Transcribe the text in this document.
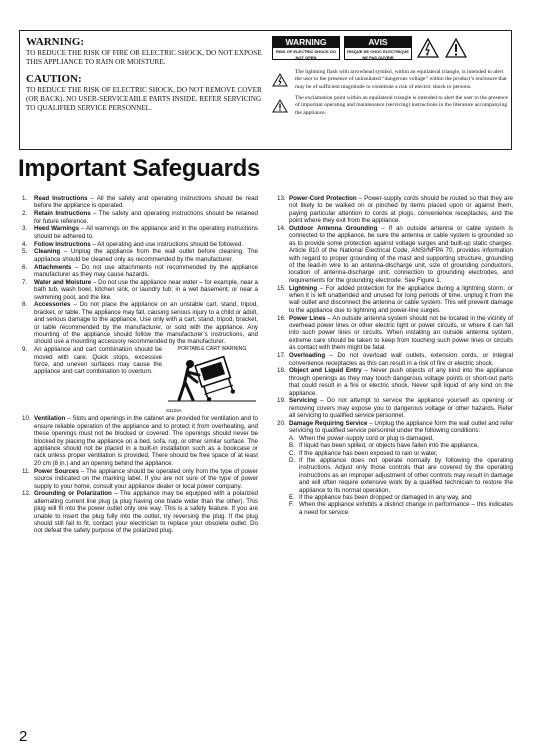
WARNING:

TO REDUCE THE RISK OF FIRE OR ELECTRIC SHOCK, DO NOT EXPOSE THIS APPLIANCE TO RAIN OR MOISTURE.

CAUTION:

TO REDUCE THE RISK OF ELECTRIC SHOCK, DO NOT REMOVE COVER (OR BACK). NO USER-SERVICEABLE PARTS INSIDE. REFER SERVICING TO QUALIFIED SERVICE PERSONNEL.

WARNING
RISK OF ELECTRIC SHOCK DO NOT OPEN
AVIS
RISQUE DE CHOC ELECTRIQUE NE PAS OUVRIR

The lightning flash with arrowhead symbol, within an equilateral triangle, is intended to alert the user to the presence of uninsulated “dangerous voltage” within the product’s enclosure that may be of sufficient magnitude to constitute a risk of electric shock to persons.

The exclamation point within an equilateral triangle is intended to alert the user to the presence of important operating and maintenance (servicing) instructions in the literature accompanying the appliance.

Important Safeguards
1.	Read Instructions – All the safety and operating instructions should be read before the appliance is operated.
2.	Retain Instructions – The safety and operating instructions should be retained for future reference.
3.	Heed Warnings – All warnings on the appliance and in the operating instructions should be adhered to.
4.	Follow Instructions – All operating and use instructions should be followed.
5.	Cleaning – Unplug the appliance from the wall outlet before cleaning. The appliance should be cleaned only as recommended by the manufacturer.
6.	Attachments – Do not use attachments not recommended by the appliance manufacturer as they may cause hazards.
7.	Water and Moisture – Do not use the appliance near water – for example, near a bath tub, wash bowl, kitchen sink, or laundry tub; in a wet basement; or near a swimming pool, and the like.
8.	Accessories – Do not place the appliance on an unstable cart, stand, tripod, bracket, or table. The appliance may fall, causing serious injury to a child or adult, and serious damage to the appliance. Use only with a cart, stand, tripod, bracket, or table recommended by the manufacturer, or sold with the appliance. Any mounting of the appliance should follow the manufacturer’s instructions, and should use a mounting accessory recommended by the manufacturer.
9.	PORTABLE CART WARNING
S3125A
An appliance and cart combination should be moved with care. Quick stops, excessive force, and uneven surfaces may cause the appliance and cart combination to overturn.
10. Ventilation – Slots and openings in the cabinet are provided for ventilation and to ensure reliable operation of the appliance and to protect it from overheating, and these openings must not be blocked or covered. The openings should never be blocked by placing the appliance on a bed, sofa, rug, or other similar surface. The appliance should not be placed in a built-in installation such as a bookcase or rack unless proper ventilation is provided. There should be free space of at least 20 cm (8 in.) and an opening behind the appliance.
11. Power Sources – The appliance should be operated only from the type of power source indicated on the marking label. If you are not sure of the type of power supply to your home, consult your appliance dealer or local power company.
12. Grounding or Polarization – The appliance may be equipped with a polarized alternating current line plug (a plug having one blade wider than the other). This plug will fit into the power outlet only one way. This is a safety feature. If you are unable to insert the plug fully into the outlet, try reversing the plug. If the plug should still fail to fit, contact your electrician to replace your obsolete outlet. Do not defeat the safety purpose of the polarized plug.
13. Power-Cord Protection – Power-supply cords should be routed so that they are not likely to be walked on or pinched by items placed upon or against them, paying particular attention to cords at plugs, convenience receptacles, and the point where they exit from the appliance.
14. Outdoor Antenna Grounding – If an outside antenna or cable system is connected to the appliance, be sure the antenna or cable system is grounded so as to provide some protection against voltage surges and built-up static charges. Article 810 of the National Electrical Code, ANSI/NFPA 70, provides information with regard to proper grounding of the mast and supporting structure, grounding of the lead-in wire to an antenna-discharge unit, size of grounding conductors, location of antenna-discharge unit, connection to grounding electrodes, and requirements for the grounding electrode. See Figure 1.
15. Lightning – For added protection for the appliance during a lightning storm, or when it is left unattended and unused for long periods of time, unplug it from the wall outlet and disconnect the antenna or cable system. This will prevent damage to the appliance due to lightning and power-line surges.
16. Power Lines – An outside antenna system should not be located in the vicinity of overhead power lines or other electric light or power circuits, or where it can fall into such power lines or circuits. When installing an outside antenna system, extreme care should be taken to keep from touching such power lines or circuits as contact with them might be fatal.
17. Overloading – Do not overload wall outlets, extension cords, or integral convenience receptacles as this can result in a risk of fire or electric shock.
18. Object and Liquid Entry – Never push objects of any kind into the appliance through openings as they may touch dangerous voltage points or short-out parts that could result in a fire or electric shock. Never spill liquid of any kind on the appliance.
19. Servicing – Do not attempt to service the appliance yourself as opening or removing covers may expose you to dangerous voltage or other hazards. Refer all servicing to qualified service personnel.
20. Damage Requiring Service – Unplug the appliance form the wall outlet and refer servicing to qualified service personnel under the following conditions:
A. When the power-supply cord or plug is damaged,
B. If liquid has been spilled, or objects have fallen into the appliance,
C. If the appliance has been exposed to rain or water,
D. If the appliance does not operate normally by following the operating instructions. Adjust only those controls that are covered by the operating instructions as an improper adjustment of other controls may result in damage and will often require extensive work by a qualified technician to restore the appliance to its normal operation,
E. If the appliance has been dropped or damaged in any way, and
F. When the appliance exhibits a distinct change in performance – this indicates a need for service.

2
